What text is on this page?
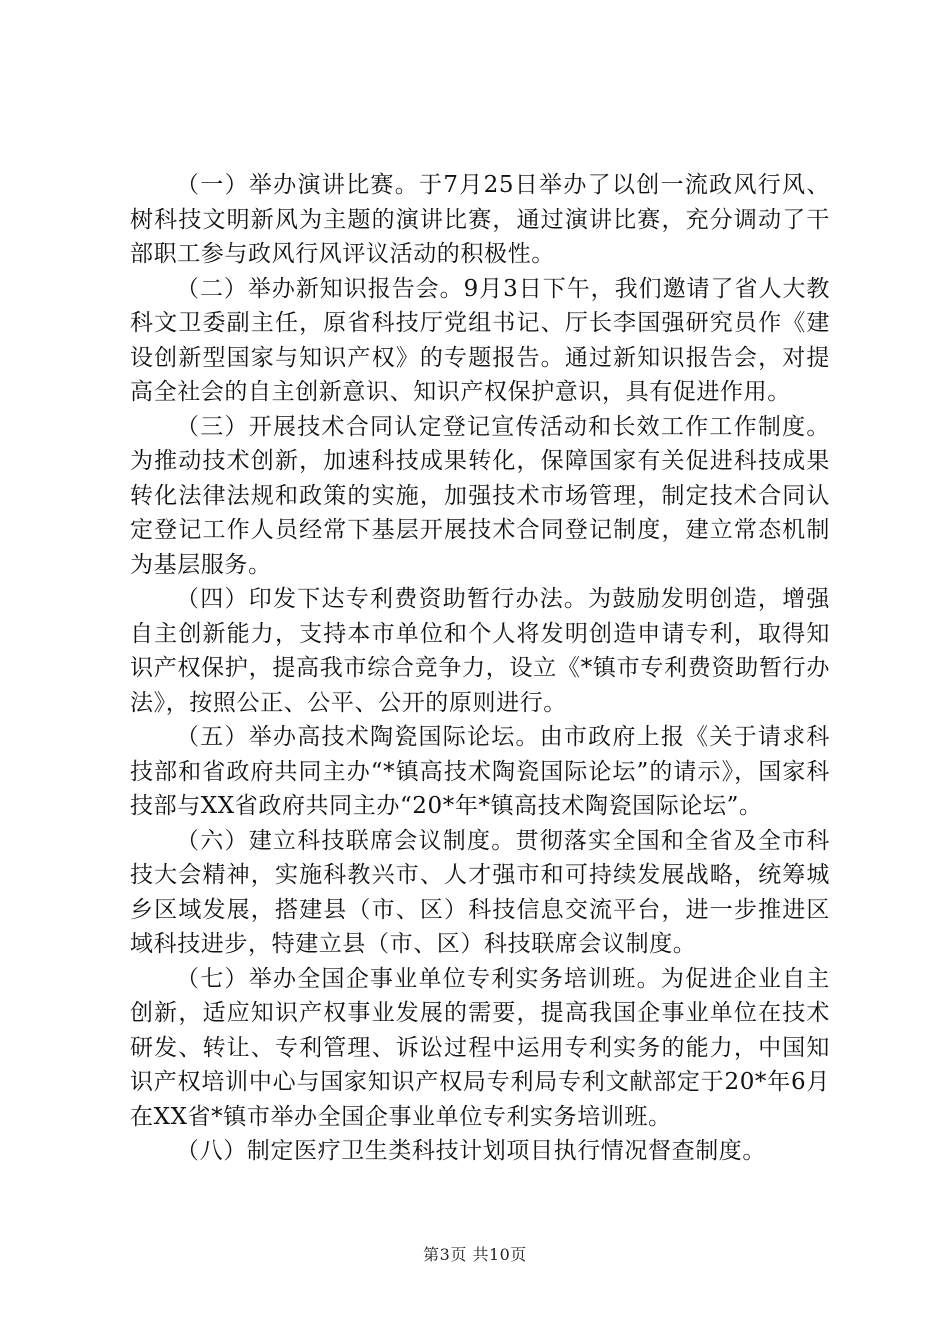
（一）举办演讲比赛。于7月25日举办了以创一流政风行风、树科技文明新风为主题的演讲比赛，通过演讲比赛，充分调动了干部职工参与政风行风评议活动的积极性。

（二）举办新知识报告会。9月3日下午，我们邀请了省人大教科文卫委副主任，原省科技厅党组书记、厅长李国强研究员作《建设创新型国家与知识产权》的专题报告。通过新知识报告会，对提高全社会的自主创新意识、知识产权保护意识，具有促进作用。

（三）开展技术合同认定登记宣传活动和长效工作工作制度。为推动技术创新，加速科技成果转化，保障国家有关促进科技成果转化法律法规和政策的实施，加强技术市场管理，制定技术合同认定登记工作人员经常下基层开展技术合同登记制度，建立常态机制为基层服务。

（四）印发下达专利费资助暂行办法。为鼓励发明创造，增强自主创新能力，支持本市单位和个人将发明创造申请专利，取得知识产权保护，提高我市综合竞争力，设立《*镇市专利费资助暂行办法》，按照公正、公平、公开的原则进行。

（五）举办高技术陶瓷国际论坛。由市政府上报《关于请求科技部和省政府共同主办“*镇高技术陶瓷国际论坛”的请示》，国家科技部与XX省政府共同主办“20*年*镇高技术陶瓷国际论坛”。

（六）建立科技联席会议制度。贯彻落实全国和全省及全市科技大会精神，实施科教兴市、人才强市和可持续发展战略，统筹城乡区域发展，搭建县（市、区）科技信息交流平台，进一步推进区域科技进步，特建立县（市、区）科技联席会议制度。

（七）举办全国企事业单位专利实务培训班。为促进企业自主创新，适应知识产权事业发展的需要，提高我国企事业单位在技术研发、转让、专利管理、诉讼过程中运用专利实务的能力，中国知识产权培训中心与国家知识产权局专利局专利文献部定于20*年6月在XX省*镇市举办全国企事业单位专利实务培训班。

（八）制定医疗卫生类科技计划项目执行情况督查制度。

第3页 共10页
